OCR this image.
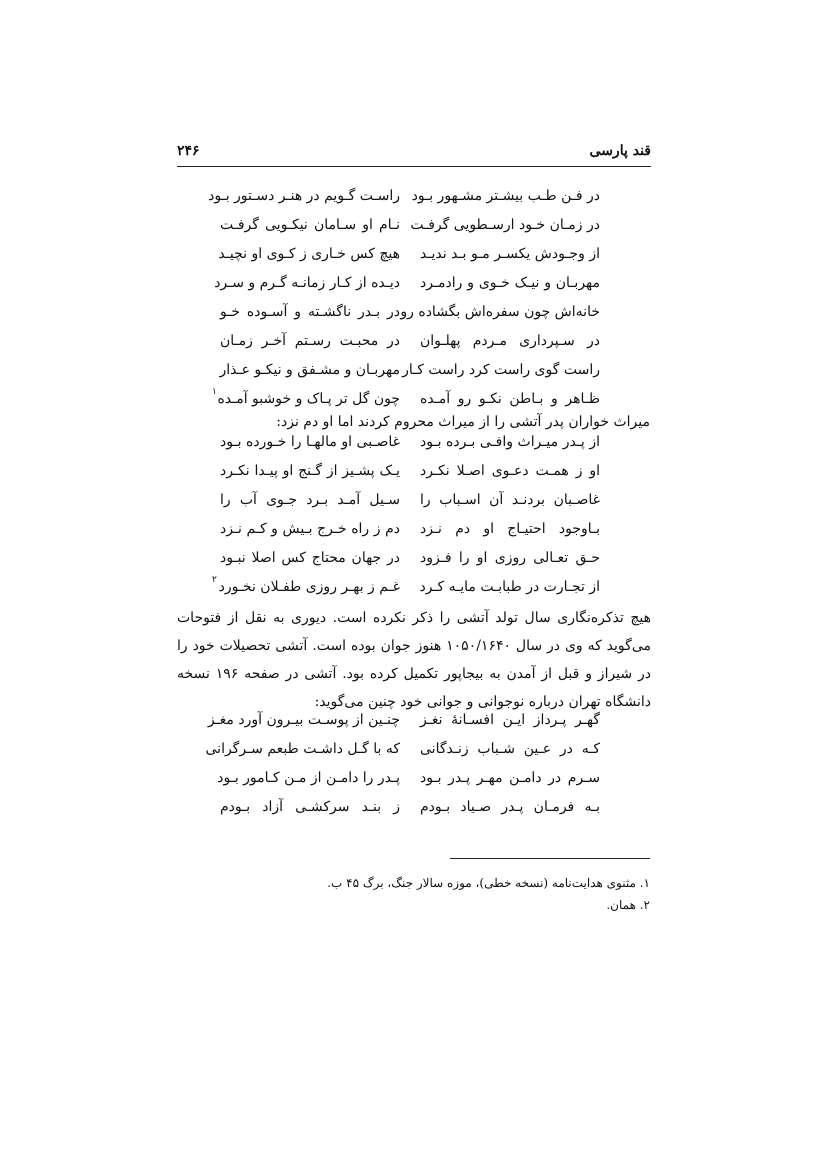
قند پارسی
۲۴۶
در فـن طـب بیشـتر مشـهور بـود
راسـت گـویم در هنـر دسـتور بـود
در زمـان خـود ارسـطویی گرفـت
نـام او سـامان نیکـویی گرفـت
از وجـودش یکسـر مـو بـد ندیـد
هیچ کس خـاری ز کـوی او نچیـد
مهربـان و نیـک خـوی و رادمـرد
دیـده از کـار زمانـه گـرم و سـرد
خانه‌اش چون سفره‌اش بگشاده رو
در بـدر ناگشـته و آسـوده خـو
در سـپرداری مـردم پهلـوان
در محبـت رسـتم آخـر زمـان
راست گوی راست کرد راست کـار
مهربـان و مشـفق و نیکـو عـذار
ظـاهر و بـاطن نکـو رو آمـده
چون گل تر پـاک و خوشبو آمـده
۱
میراث خواران پدر آتشی را از میراث محروم کردند اما او دم نزد:
از پـدر میـراث وافـی بـرده بـود
غاصـبی او مالهـا را خـورده بـود
او ز همـت دعـوی اصـلا نکـرد
یـک پشـیز از گـنج او پیـدا نکـرد
غاصـبان بردنـد آن اسـباب را
سـیل آمـد بـرد جـوی آب را
بـاوجود احتیـاج او دم نـزد
دم ز راه خـرج بـیش و کـم نـزد
حـق تعـالی روزی او را فـزود
در جهان محتاج کس اصلا نبـود
از تجـارت در طبابـت مایـه کـرد
غـم ز بهـر روزی طفـلان نخـورد
۲
هیچ تذکره‌نگاری سال تولد آتشی را ذکر نکرده است. دیوری به نقل از فتوحات می‌گوید که وی در سال ۱۰۵۰/۱۶۴۰ هنوز جوان بوده است. آتشی تحصیلات خود را در شیراز و قبل از آمدن به بیجاپور تکمیل کرده بود. آتشی در صفحه ۱۹۶ نسخه دانشگاه تهران درباره نوجوانی و جوانی خود چنین می‌گوید:
گهـر پـرداز ایـن افسـانهٔ نغـز
چنـین از پوسـت بیـرون آورد مغـز
کـه در عـین شـباب زنـدگانی
که با گـل داشـت طبعم سـرگرانی
سـرم در دامـن مهـر پـدر بـود
پـدر را دامـن از مـن کـامور بـود
بـه فرمـان پـدر صـیاد بـودم
ز بنـد سرکشـی آزاد بـودم
۱. مثنوی هدایت‌نامه (نسخه خطی)، موزه سالار جنگ، برگ ۴۵ ب.
۲. همان.
